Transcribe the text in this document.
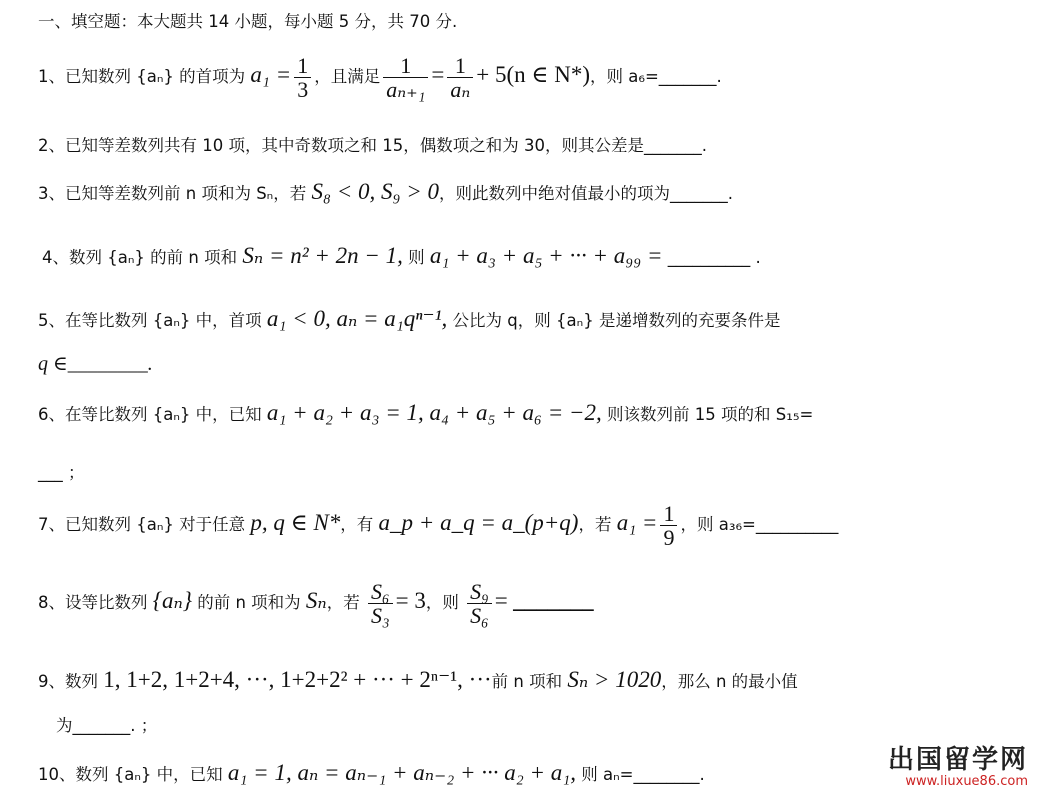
一、填空题：本大题共 14 小题，每小题 5 分，共 70 分.
1、已知数列 {aₙ} 的首项为 $a_1 = \frac{1}{3}$ ，且满足 $\frac{1}{\text{aₙ₊₁}} = \frac{1}{\text{aₙ}} + 5(n$ ∈ N*)，则 a₆=_______.
2、已知等差数列共有 10 项，其中奇数项之和 15，偶数项之和为 30，则其公差是_______.
3、已知等差数列前 n 项和为 Sₙ，若 S₈ < 0, S₉ > 0，则此数列中绝对值最小的项为_______.
4、数列 {aₙ} 的前 n 项和 Sₙ = n² + 2n − 1, 则 a₁ + a₃ + a₅ + ··· + a₉₉ = __________ .
5、在等比数列 {aₙ} 中，首项 a₁ < 0, aₙ = a₁qⁿ⁻¹, 公比为 q，则 {aₙ} 是递增数列的充要条件是
q ∈________.
6、在等比数列 {aₙ} 中，已知 a₁ + a₂ + a₃ = 1, a₄ + a₅ + a₆ = −2, 则该数列前 15 项的和 S₁₅=
___ ；
7、已知数列 {aₙ} 对于任意 p, q ∈ N*，有 a_p + a_q = a_(p+q)，若 $a_1 = \frac{1}{9}$ ，则 a₃₆=__________
8、设等比数列 {aₙ} 的前 n 项和为 Sₙ，若 $\frac{\text{S₆}}{\text{S₃}} = 3$，则 $\frac{\text{S₉}}{\text{S₆}}$ = _______
9、数列 1, 1+2, 1+2+4, ···, 1+2+2² + ··· + 2ⁿ⁻¹, ···前 n 项和 Sₙ > 1020，那么 n 的最小值
为_______. ；
10、数列 {aₙ} 中，已知 a₁ = 1, aₙ = aₙ₋₁ + aₙ₋₂ + ··· a₂ + a₁, 则 aₙ=________.	出国留学网
www.liuxue86.com
